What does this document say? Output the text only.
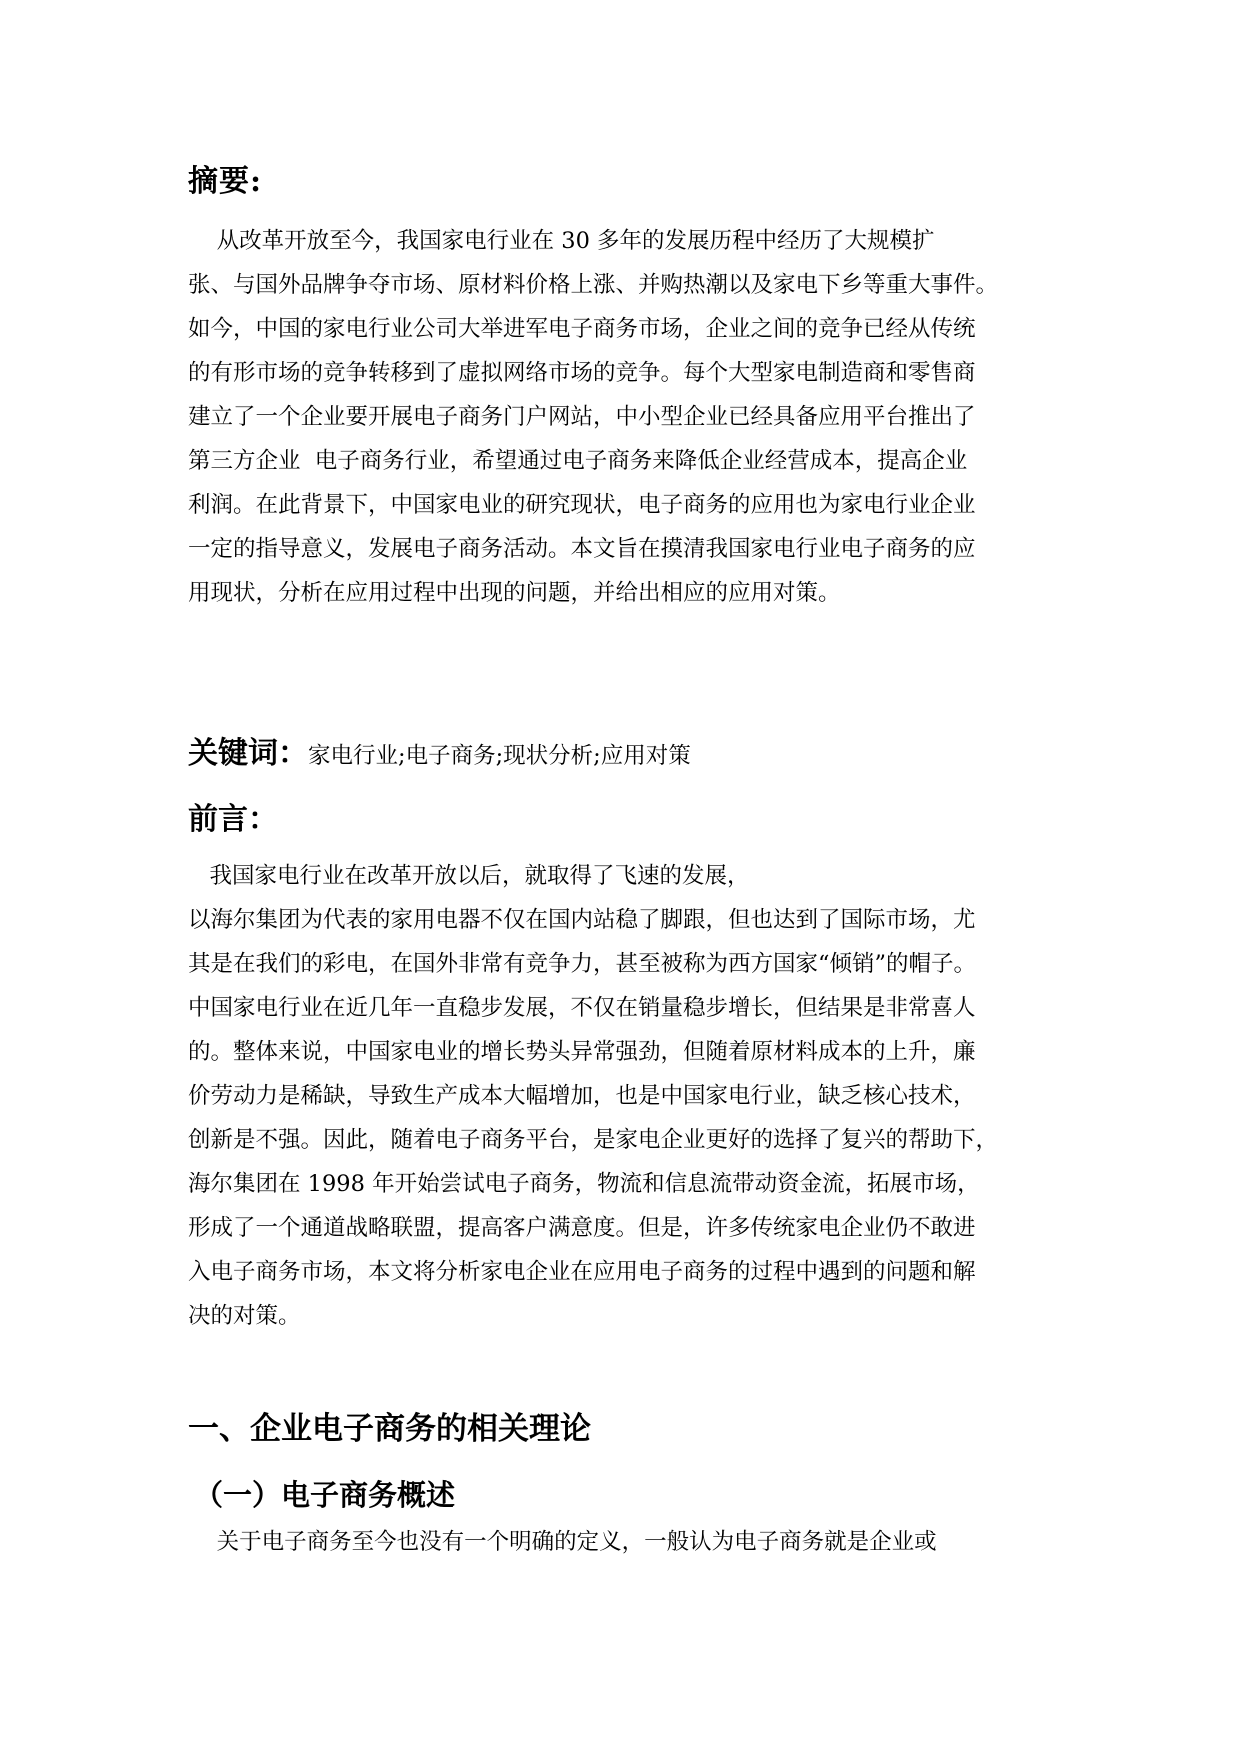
摘要:
从改革开放至今，我国家电行业在 30 多年的发展历程中经历了大规模扩
张、与国外品牌争夺市场、原材料价格上涨、并购热潮以及家电下乡等重大事件。
如今，中国的家电行业公司大举进军电子商务市场，企业之间的竞争已经从传统
的有形市场的竞争转移到了虚拟网络市场的竞争。每个大型家电制造商和零售商
建立了一个企业要开展电子商务门户网站，中小型企业已经具备应用平台推出了
第三方企业  电子商务行业，希望通过电子商务来降低企业经营成本，提高企业
利润。在此背景下，中国家电业的研究现状，电子商务的应用也为家电行业企业
一定的指导意义，发展电子商务活动。本文旨在摸清我国家电行业电子商务的应
用现状，分析在应用过程中出现的问题，并给出相应的应用对策。
关键词：家电行业;电子商务;现状分析;应用对策
前言：
我国家电行业在改革开放以后，就取得了飞速的发展，
以海尔集团为代表的家用电器不仅在国内站稳了脚跟，但也达到了国际市场，尤
其是在我们的彩电，在国外非常有竞争力，甚至被称为西方国家“倾销”的帽子。
中国家电行业在近几年一直稳步发展，不仅在销量稳步增长，但结果是非常喜人
的。整体来说，中国家电业的增长势头异常强劲，但随着原材料成本的上升，廉
价劳动力是稀缺，导致生产成本大幅增加，也是中国家电行业，缺乏核心技术，
创新是不强。因此，随着电子商务平台，是家电企业更好的选择了复兴的帮助下，
海尔集团在 1998 年开始尝试电子商务，物流和信息流带动资金流，拓展市场，
形成了一个通道战略联盟，提高客户满意度。但是，许多传统家电企业仍不敢进
入电子商务市场，本文将分析家电企业在应用电子商务的过程中遇到的问题和解
决的对策。
一、企业电子商务的相关理论
（一）电子商务概述
关于电子商务至今也没有一个明确的定义，一般认为电子商务就是企业或
